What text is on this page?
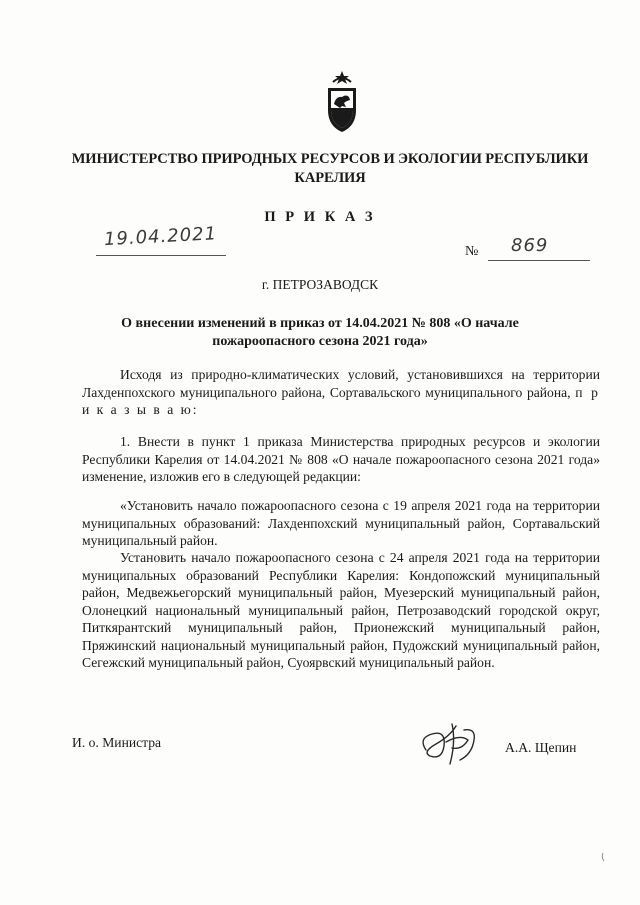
МИНИСТЕРСТВО ПРИРОДНЫХ РЕСУРСОВ И ЭКОЛОГИИ РЕСПУБЛИКИ
КАРЕЛИЯ
П Р И К А З
19.04.2021
№ 869
г. ПЕТРОЗАВОДСК
О внесении изменений в приказ от 14.04.2021 № 808 «О начале
пожароопасного сезона 2021 года»
Исходя из природно-климатических условий, установившихся на территории Лахденпохского муниципального района, Сортавальского муниципального района, п р и к а з ы в а ю:
1. Внести в пункт 1 приказа Министерства природных ресурсов и экологии Республики Карелия от 14.04.2021 № 808 «О начале пожароопасного сезона 2021 года» изменение, изложив его в следующей редакции:
«Установить начало пожароопасного сезона с 19 апреля 2021 года на территории муниципальных образований: Лахденпохский муниципальный район, Сортавальский муниципальный район.
Установить начало пожароопасного сезона с 24 апреля 2021 года на территории муниципальных образований Республики Карелия: Кондопожский муниципальный район, Медвежьегорский муниципальный район, Муезерский муниципальный район, Олонецкий национальный муниципальный район, Петрозаводский городской округ, Питкярантский муниципальный район, Прионежский муниципальный район, Пряжинский национальный муниципальный район, Пудожский муниципальный район, Сегежский муниципальный район, Суоярвский муниципальный район.
И. о. Министра	А.А. Щепин
